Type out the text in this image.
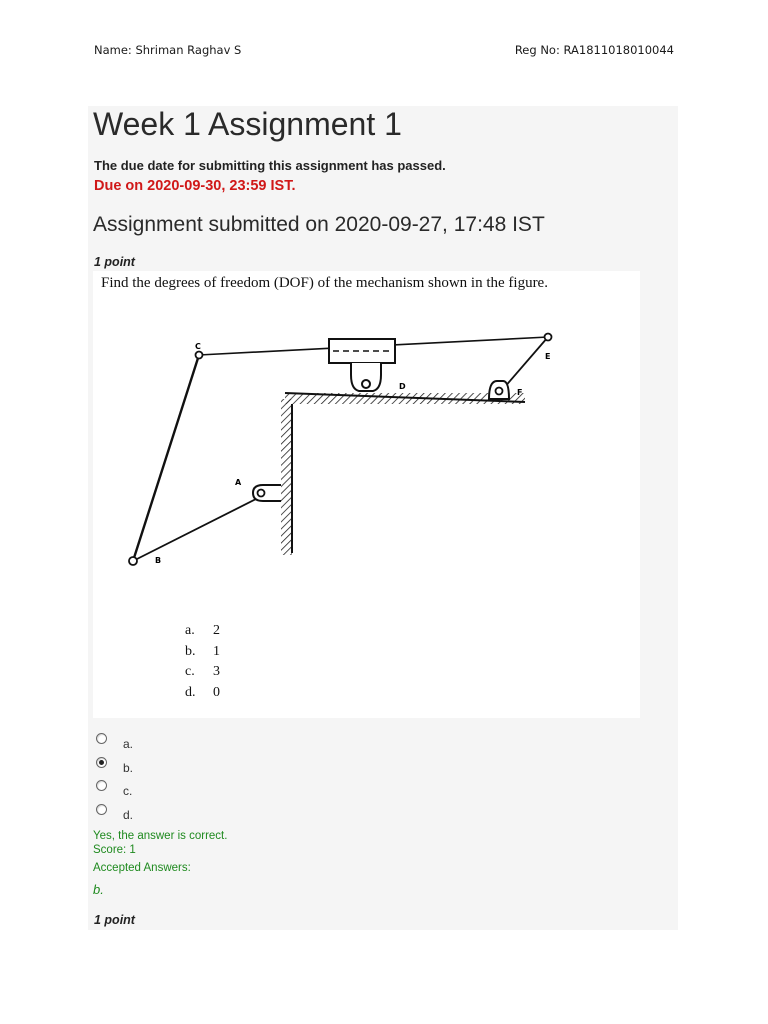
Name: Shriman Raghav S	Reg No: RA1811018010044
Week 1 Assignment 1
The due date for submitting this assignment has passed.
Due on 2020-09-30, 23:59 IST.
Assignment submitted on 2020-09-27, 17:48 IST
1 point
C
D
E
F
A
B
Find the degrees of freedom (DOF) of the mechanism shown in the figure.
a. 2
b. 1
c. 3
d. 0
a.
b.
c.
d.
Yes, the answer is correct.
Score: 1
Accepted Answers:
b.
1 point
